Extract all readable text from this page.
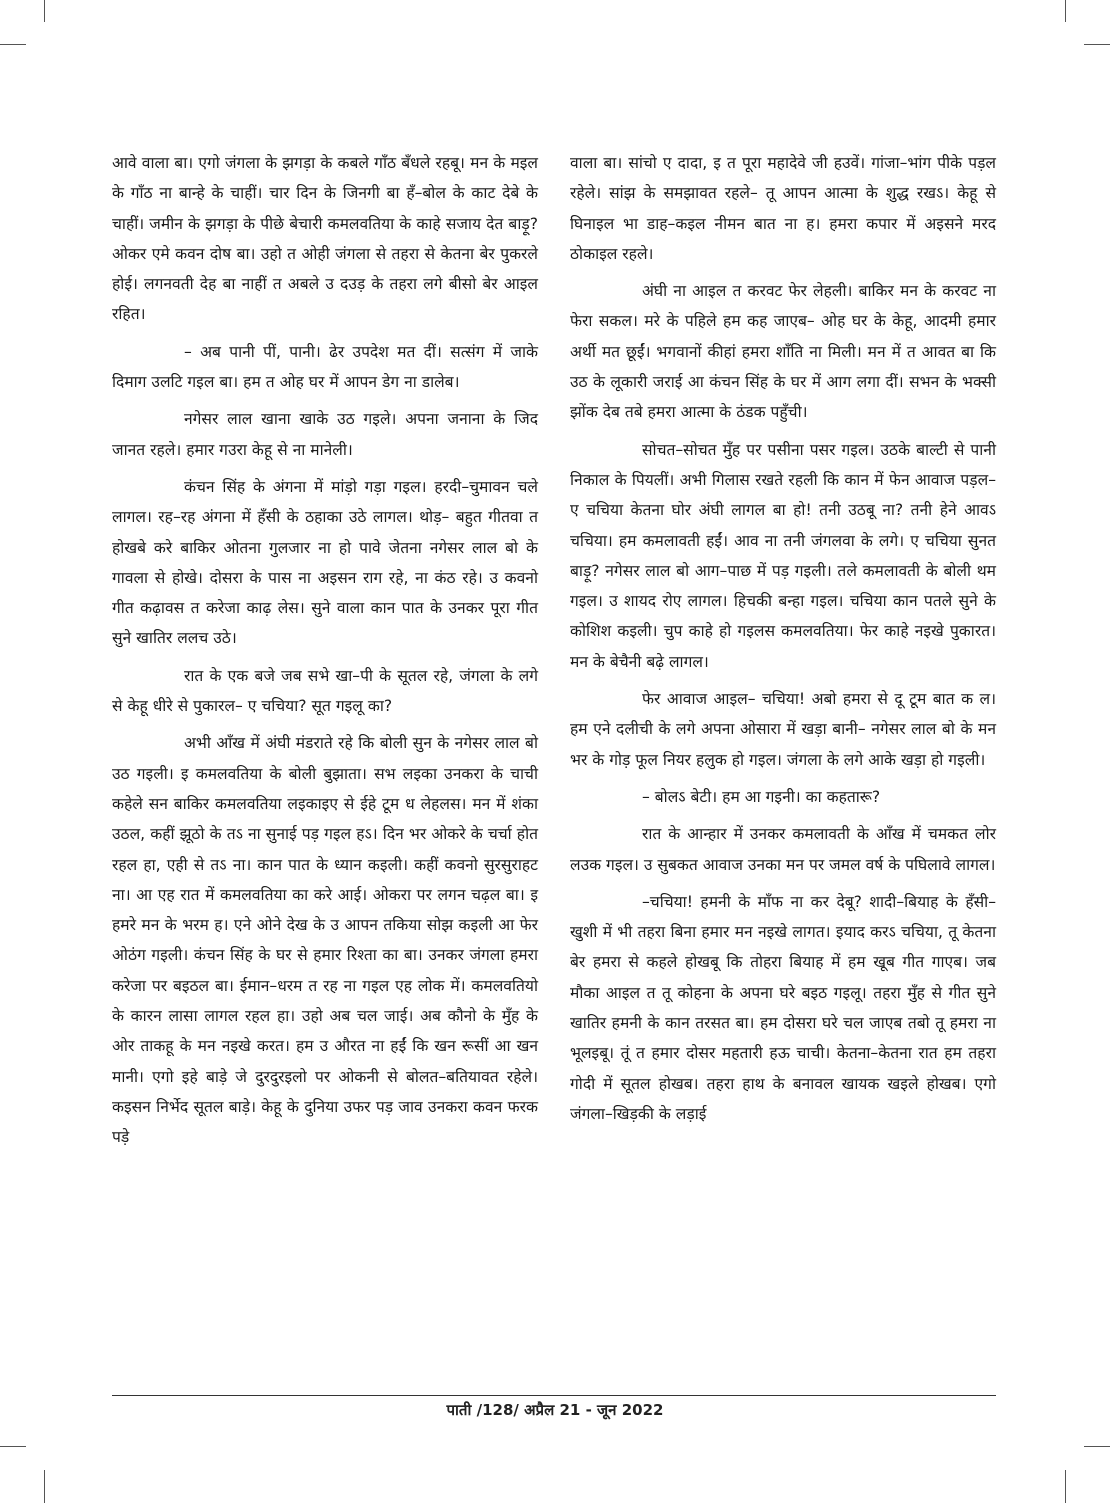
आवे वाला बा। एगो जंगला के झगड़ा के कबले गाँठ बँधले रहबू। मन के मइल के गाँठ ना बान्हे के चाहीं। चार दिन के जिनगी बा हँ–बोल के काट देबे के चाहीं। जमीन के झगड़ा के पीछे बेचारी कमलवतिया के काहे सजाय देत बाड़ू? ओकर एमे कवन दोष बा। उहो त ओही जंगला से तहरा से केतना बेर पुकरले होई। लगनवती देह बा नाहीं त अबले उ दउड़ के तहरा लगे बीसो बेर आइल रहित।

– अब पानी पीं, पानी। ढेर उपदेश मत दीं। सत्संग में जाके दिमाग उलटि गइल बा। हम त ओह घर में आपन डेग ना डालेब।

नगेसर लाल खाना खाके उठ गइले। अपना जनाना के जिद जानत रहले। हमार गउरा केहू से ना मानेली।

कंचन सिंह के अंगना में मांड़ो गड़ा गइल। हरदी–चुमावन चले लागल। रह–रह अंगना में हँसी के ठहाका उठे लागल। थोड़– बहुत गीतवा त होखबे करे बाकिर ओतना गुलजार ना हो पावे जेतना नगेसर लाल बो के गावला से होखे। दोसरा के पास ना अइसन राग रहे, ना कंठ रहे। उ कवनो गीत कढ़ावस त करेजा काढ़ लेस। सुने वाला कान पात के उनकर पूरा गीत सुने खातिर ललच उठे।

रात के एक बजे जब सभे खा–पी के सूतल रहे, जंगला के लगे से केहू धीरे से पुकारल– ए चचिया? सूत गइलू का?

अभी आँख में अंघी मंडराते रहे कि बोली सुन के नगेसर लाल बो उठ गइली। इ कमलवतिया के बोली बुझाता। सभ लइका उनकरा के चाची कहेले सन बाकिर कमलवतिया लइकाइए से ईहे टूम ध लेहलस। मन में शंका उठल, कहीं झूठो के तऽ ना सुनाई पड़ गइल हऽ। दिन भर ओकरे के चर्चा होत रहल हा, एही से तऽ ना। कान पात के ध्यान कइली। कहीं कवनो सुरसुराहट ना। आ एह रात में कमलवतिया का करे आई। ओकरा पर लगन चढ़ल बा। इ हमरे मन के भरम ह। एने ओने देख के उ आपन तकिया सोझ कइली आ फेर ओठंग गइली। कंचन सिंह के घर से हमार रिश्ता का बा। उनकर जंगला हमरा करेजा पर बइठल बा। ईमान–धरम त रह ना गइल एह लोक में। कमलवतियो के कारन लासा लागल रहल हा। उहो अब चल जाई। अब कौनो के मुँह के ओर ताकहू के मन नइखे करत। हम उ औरत ना हईं कि खन रूसीं आ खन मानी। एगो इहे बाड़े जे दुरदुरइलो पर ओकनी से बोलत–बतियावत रहेले। कइसन निर्भेद सूतल बाड़े। केहू के दुनिया उफर पड़ जाव उनकरा कवन फरक पड़े

वाला बा। सांचो ए दादा, इ त पूरा महादेवे जी हउवें। गांजा–भांग पीके पड़ल रहेले। सांझ के समझावत रहले– तू आपन आत्मा के शुद्ध रखऽ। केहू से घिनाइल भा डाह–कइल नीमन बात ना ह। हमरा कपार में अइसने मरद ठोकाइल रहले।

अंघी ना आइल त करवट फेर लेहली। बाकिर मन के करवट ना फेरा सकल। मरे के पहिले हम कह जाएब– ओह घर के केहू, आदमी हमार अर्थी मत छूईं। भगवानों कीहां हमरा शाँति ना मिली। मन में त आवत बा कि उठ के लूकारी जराई आ कंचन सिंह के घर में आग लगा दीं। सभन के भक्सी झोंक देब तबे हमरा आत्मा के ठंडक पहुँची।

सोचत–सोचत मुँह पर पसीना पसर गइल। उठके बाल्टी से पानी निकाल के पियलीं। अभी गिलास रखते रहली कि कान में फेन आवाज पड़ल– ए चचिया केतना घोर अंघी लागल बा हो! तनी उठबू ना? तनी हेने आवऽ चचिया। हम कमलावती हईं। आव ना तनी जंगलवा के लगे। ए चचिया सुनत बाड़ू? नगेसर लाल बो आग–पाछ में पड़ गइली। तले कमलावती के बोली थम गइल। उ शायद रोए लागल। हिचकी बन्हा गइल। चचिया कान पतले सुने के कोशिश कइली। चुप काहे हो गइलस कमलवतिया। फेर काहे नइखे पुकारत। मन के बेचैनी बढ़े लागल।

फेर आवाज आइल– चचिया! अबो हमरा से दू टूम बात क ल। हम एने दलीची के लगे अपना ओसारा में खड़ा बानी– नगेसर लाल बो के मन भर के गोड़ फूल नियर हलुक हो गइल। जंगला के लगे आके खड़ा हो गइली।

– बोलऽ बेटी। हम आ गइनी। का कहतारू?

रात के आन्हार में उनकर कमलावती के आँख में चमकत लोर लउक गइल। उ सुबकत आवाज उनका मन पर जमल वर्ष के पघिलावे लागल।

–चचिया! हमनी के माँफ ना कर देबू? शादी–बियाह के हँसी–खुशी में भी तहरा बिना हमार मन नइखे लागत। इयाद करऽ चचिया, तू केतना बेर हमरा से कहले होखबू कि तोहरा बियाह में हम खूब गीत गाएब। जब मौका आइल त तू कोहना के अपना घरे बइठ गइलू। तहरा मुँह से गीत सुने खातिर हमनी के कान तरसत बा। हम दोसरा घरे चल जाएब तबो तू हमरा ना भूलइबू। तूं त हमार दोसर महतारी हऊ चाची। केतना–केतना रात हम तहरा गोदी में सूतल होखब। तहरा हाथ के बनावल खायक खइले होखब। एगो जंगला–खिड़की के लड़ाई

पाती /128/ अप्रैल 21 - जून 2022
